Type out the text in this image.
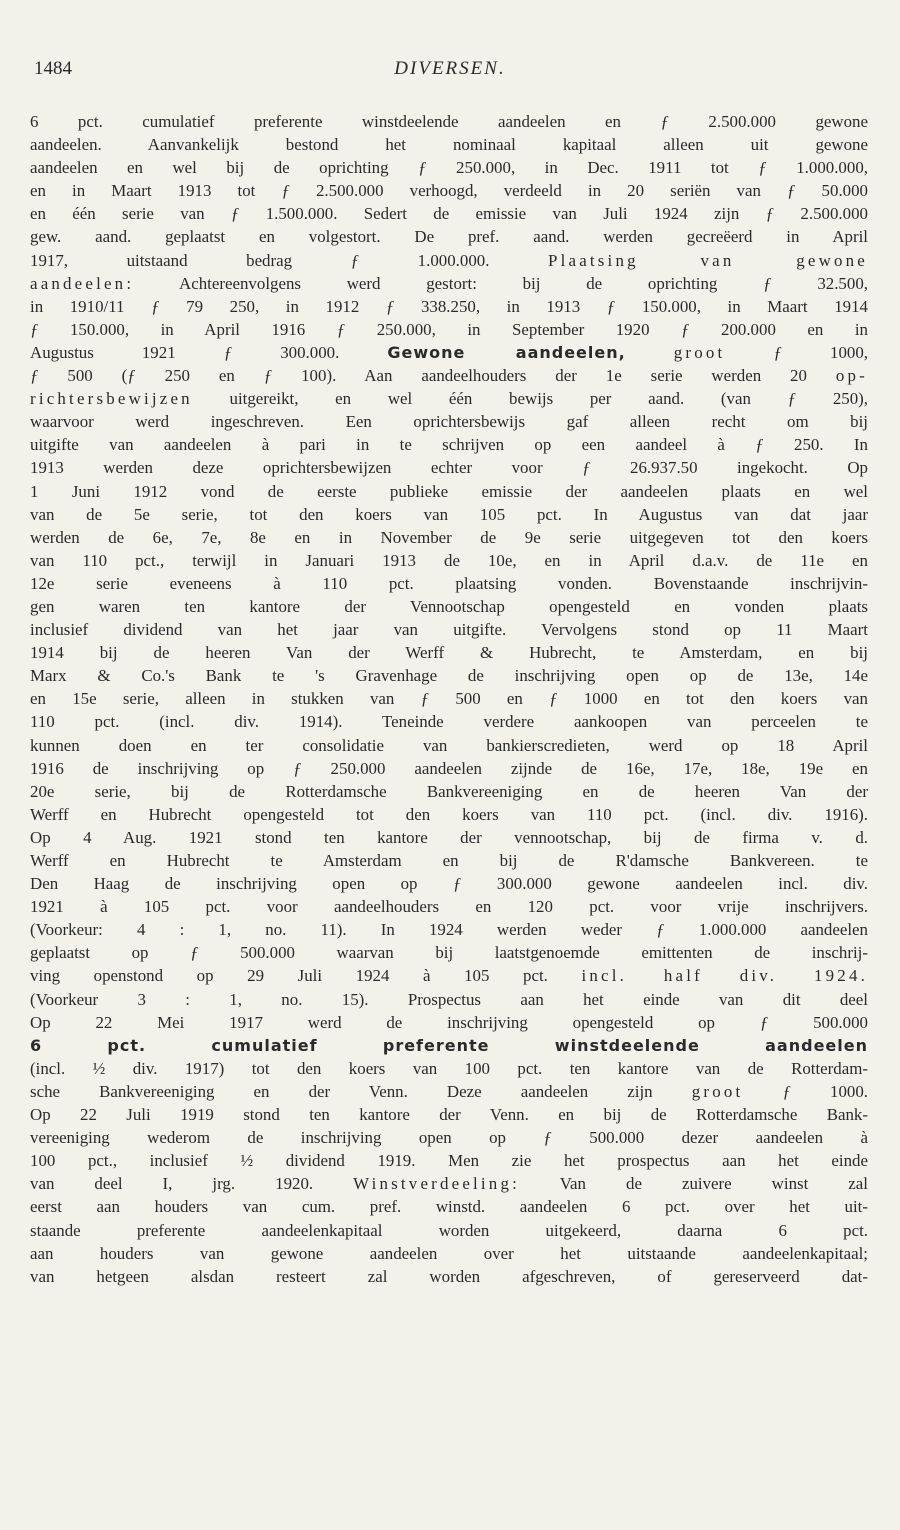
1484	DIVERSEN.
6 pct. cumulatief preferente winstdeelende aandeelen en ƒ 2.500.000 gewone
aandeelen. Aanvankelijk bestond het nominaal kapitaal alleen uit gewone
aandeelen en wel bij de oprichting ƒ 250.000, in Dec. 1911 tot ƒ 1.000.000,
en in Maart 1913 tot ƒ 2.500.000 verhoogd, verdeeld in 20 seriën van ƒ 50.000
en één serie van ƒ 1.500.000. Sedert de emissie van Juli 1924 zijn ƒ 2.500.000
gew. aand. geplaatst en volgestort. De pref. aand. werden gecreëerd in April
1917, uitstaand bedrag ƒ 1.000.000. Plaatsing van gewone
aandeelen: Achtereenvolgens werd gestort: bij de oprichting ƒ 32.500,
in 1910/11 ƒ 79 250, in 1912 ƒ 338.250, in 1913 ƒ 150.000, in Maart 1914
ƒ 150.000, in April 1916 ƒ 250.000, in September 1920 ƒ 200.000 en in
Augustus 1921 ƒ 300.000. Gewone aandeelen,	groot	ƒ 1000,
ƒ 500 (ƒ 250 en ƒ 100). Aan aandeelhouders der 1e serie werden 20 op-
richtersbewijzen uitgereikt, en wel één bewijs per aand. (van ƒ 250),
waarvoor werd ingeschreven. Een oprichtersbewijs gaf alleen recht om bij
uitgifte van aandeelen à pari in te schrijven op een aandeel à ƒ 250. In
1913 werden deze oprichtersbewijzen echter voor ƒ 26.937.50 ingekocht. Op
1 Juni 1912 vond de eerste publieke emissie der aandeelen plaats en wel
van de 5e serie, tot den koers van 105 pct. In Augustus van dat jaar
werden de 6e, 7e, 8e en in November de 9e serie uitgegeven tot den koers
van 110 pct., terwijl in Januari 1913 de 10e, en in April d.a.v. de 11e en
12e serie eveneens à 110 pct. plaatsing vonden. Bovenstaande inschrijvin-
gen waren ten kantore der Vennootschap opengesteld en vonden plaats
inclusief dividend van het jaar van uitgifte. Vervolgens stond op 11 Maart
1914 bij de heeren Van der Werff & Hubrecht, te Amsterdam, en bij
Marx & Co.'s Bank te 's Gravenhage de inschrijving open op de 13e, 14e
en 15e serie, alleen in stukken van ƒ 500 en ƒ 1000 en tot den koers van
110 pct. (incl. div. 1914). Teneinde verdere aankoopen van perceelen te
kunnen doen en ter consolidatie van bankierscredieten, werd op 18 April
1916 de inschrijving op ƒ 250.000 aandeelen zijnde de 16e, 17e, 18e, 19e en
20e serie, bij de Rotterdamsche Bankvereeniging en de heeren Van der
Werff en Hubrecht opengesteld tot den koers van 110 pct. (incl. div. 1916).
Op 4 Aug. 1921 stond ten kantore der vennootschap, bij de firma v. d.
Werff en Hubrecht te Amsterdam en bij de R'damsche Bankvereen. te
Den Haag de inschrijving open op ƒ 300.000 gewone aandeelen incl. div.
1921 à 105 pct. voor aandeelhouders en 120 pct. voor vrije inschrijvers.
(Voorkeur: 4 : 1, no. 11). In 1924 werden weder ƒ 1.000.000 aandeelen
geplaatst op ƒ 500.000 waarvan bij laatstgenoemde emittenten de inschrij-
ving openstond op 29 Juli 1924 à 105 pct. incl. half div. 1924.
(Voorkeur 3 : 1, no. 15). Prospectus aan het einde van dit deel
Op 22 Mei 1917 werd de inschrijving opengesteld op ƒ 500.000
6 pct. cumulatief preferente winstdeelende aandeelen
(incl. ½ div. 1917) tot den koers van 100 pct. ten kantore van de Rotterdam-
sche Bankvereeniging en der Venn. Deze aandeelen zijn groot ƒ 1000.
Op 22 Juli 1919 stond ten kantore der Venn. en bij de Rotterdamsche Bank-
vereeniging wederom de inschrijving open op ƒ 500.000 dezer aandeelen à
100 pct., inclusief ½ dividend 1919. Men zie het prospectus aan het einde
van deel I, jrg. 1920. Winstverdeeling: Van de zuivere winst zal
eerst aan houders van cum. pref. winstd. aandeelen 6 pct. over het uit-
staande preferente aandeelenkapitaal worden uitgekeerd, daarna 6 pct.
aan houders van gewone aandeelen over het uitstaande aandeelenkapitaal;
van hetgeen alsdan resteert zal worden afgeschreven, of gereserveerd dat-
